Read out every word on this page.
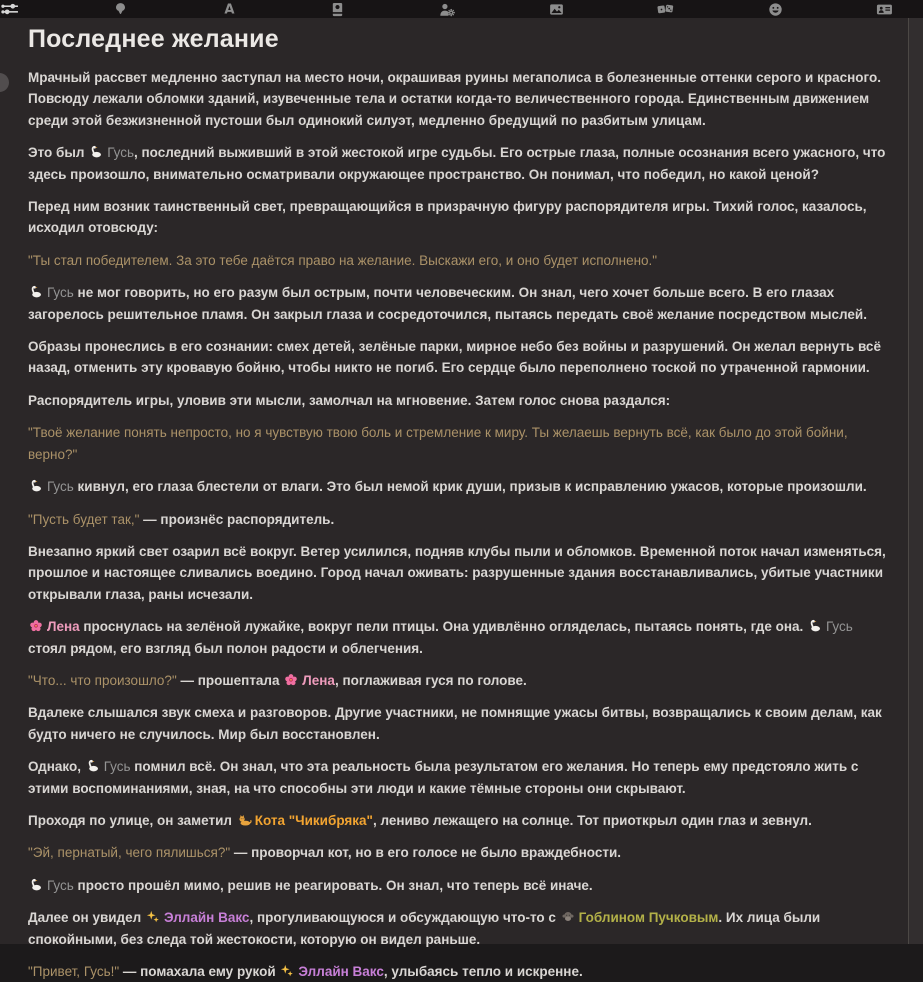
A
Последнее желание

Мрачный рассвет медленно заступал на место ночи, окрашивая руины мегаполиса в болезненные оттенки серого и красного. Повсюду лежали обломки зданий, изувеченные тела и остатки когда-то величественного города. Единственным движением среди этой безжизненной пустоши был одинокий силуэт, медленно бредущий по разбитым улицам.

Это был
Гусь, последний выживший в этой жестокой игре судьбы. Его острые глаза, полные осознания всего ужасного, что здесь произошло, внимательно осматривали окружающее пространство. Он понимал, что победил, но какой ценой?

Перед ним возник таинственный свет, превращающийся в призрачную фигуру распорядителя игры. Тихий голос, казалось, исходил отовсюду:

"Ты стал победителем. За это тебе даётся право на желание. Выскажи его, и оно будет исполнено."

Гусь не мог говорить, но его разум был острым, почти человеческим. Он знал, чего хочет больше всего. В его глазах загорелось решительное пламя. Он закрыл глаза и сосредоточился, пытаясь передать своё желание посредством мыслей.

Образы пронеслись в его сознании: смех детей, зелёные парки, мирное небо без войны и разрушений. Он желал вернуть всё назад, отменить эту кровавую бойню, чтобы никто не погиб. Его сердце было переполнено тоской по утраченной гармонии.

Распорядитель игры, уловив эти мысли, замолчал на мгновение. Затем голос снова раздался:

"Твоё желание понять непросто, но я чувствую твою боль и стремление к миру. Ты желаешь вернуть всё, как было до этой бойни, верно?"

Гусь кивнул, его глаза блестели от влаги. Это был немой крик души, призыв к исправлению ужасов, которые произошли.

"Пусть будет так," — произнёс распорядитель.

Внезапно яркий свет озарил всё вокруг. Ветер усилился, подняв клубы пыли и обломков. Временной поток начал изменяться, прошлое и настоящее сливались воедино. Город начал оживать: разрушенные здания восстанавливались, убитые участники открывали глаза, раны исчезали.

Лена проснулась на зелёной лужайке, вокруг пели птицы. Она удивлённо огляделась, пытаясь понять, где она.
Гусь стоял рядом, его взгляд был полон радости и облегчения.

"Что... что произошло?" — прошептала
Лена, поглаживая гуся по голове.

Вдалеке слышался звук смеха и разговоров. Другие участники, не помнящие ужасы битвы, возвращались к своим делам, как будто ничего не случилось. Мир был восстановлен.

Однако,
Гусь помнил всё. Он знал, что эта реальность была результатом его желания. Но теперь ему предстояло жить с этими воспоминаниями, зная, на что способны эти люди и какие тёмные стороны они скрывают.

Проходя по улице, он заметил
Кота "Чикибряка", лениво лежащего на солнце. Тот приоткрыл один глаз и зевнул.

"Эй, пернатый, чего пялишься?" — проворчал кот, но в его голосе не было враждебности.

Гусь просто прошёл мимо, решив не реагировать. Он знал, что теперь всё иначе.

Далее он увидел
Эллайн Вакс, прогуливающуюся и обсуждающую что-то с
Гоблином Пучковым. Их лица были спокойными, без следа той жестокости, которую он видел раньше.

"Привет, Гусь!" — помахала ему рукой
Эллайн Вакс, улыбаясь тепло и искренне.
